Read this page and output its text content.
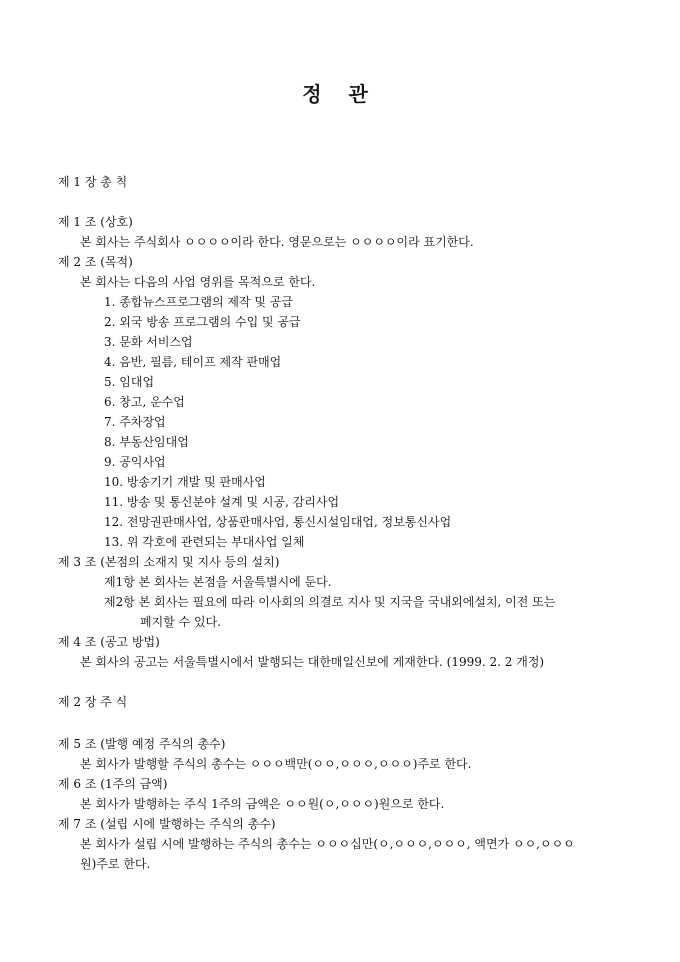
정 관
제 1 장 총 칙
제 1 조 (상호)
본 회사는 주식회사 ㅇㅇㅇㅇ이라 한다. 영문으로는 ㅇㅇㅇㅇ이라 표기한다.
제 2 조 (목적)
본 회사는 다음의 사업 영위를 목적으로 한다.
1. 종합뉴스프로그램의 제작 및 공급
2. 외국 방송 프로그램의 수입 및 공급
3. 문화 서비스업
4. 음반, 필름, 테이프 제작 판매업
5. 임대업
6. 창고, 운수업
7. 주차장업
8. 부동산임대업
9. 공익사업
10. 방송기기 개발 및 판매사업
11. 방송 및 통신분야 설계 및 시공, 감리사업
12. 전망권판매사업, 상품판매사업, 통신시설임대업, 정보통신사업
13. 위 각호에 관련되는 부대사업 일체
제 3 조 (본점의 소재지 및 지사 등의 설치)
제1항 본 회사는 본점을 서울특별시에 둔다.
제2항 본 회사는 필요에 따라 이사회의 의결로 지사 및 지국을 국내외에설치, 이전 또는
폐지할 수 있다.
제 4 조 (공고 방법)
본 회사의 공고는 서울특별시에서 발행되는 대한매일신보에 게재한다. (1999. 2. 2 개정)
제 2 장 주 식
제 5 조 (발행 예정 주식의 총수)
본 회사가 발행할 주식의 총수는 ㅇㅇㅇ백만(ㅇㅇ,ㅇㅇㅇ,ㅇㅇㅇ)주로 한다.
제 6 조 (1주의 금액)
본 회사가 발행하는 주식 1주의 금액은 ㅇㅇ원(ㅇ,ㅇㅇㅇ)원으로 한다.
제 7 조 (설립 시에 발행하는 주식의 총수)
본 회사가 설립 시에 발행하는 주식의 총수는 ㅇㅇㅇ십만(ㅇ,ㅇㅇㅇ,ㅇㅇㅇ, 액면가 ㅇㅇ,ㅇㅇㅇ
원)주로 한다.
